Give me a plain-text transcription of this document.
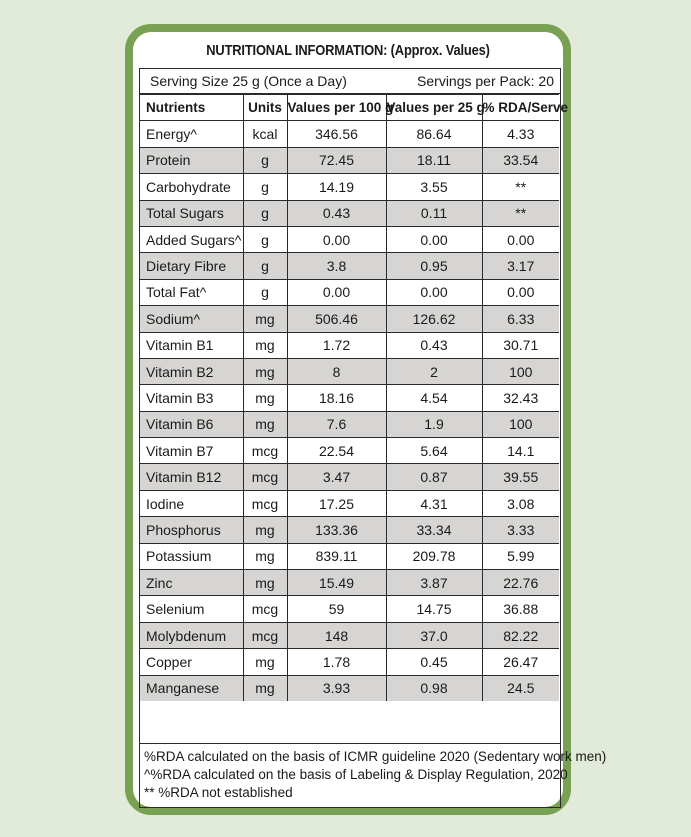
NUTRITIONAL INFORMATION: (Approx. Values)
Serving Size 25 g (Once a Day)	Servings per Pack: 20
Nutrients	Units	Values per 100 g	Values per 25 g	% RDA/Serve
Energy^	kcal	346.56	86.64	4.33
Protein	g	72.45	18.11	33.54
Carbohydrate	g	14.19	3.55	**
Total Sugars	g	0.43	0.11	**
Added Sugars^	g	0.00	0.00	0.00
Dietary Fibre	g	3.8	0.95	3.17
Total Fat^	g	0.00	0.00	0.00
Sodium^	mg	506.46	126.62	6.33
Vitamin B1	mg	1.72	0.43	30.71
Vitamin B2	mg	8	2	100
Vitamin B3	mg	18.16	4.54	32.43
Vitamin B6	mg	7.6	1.9	100
Vitamin B7	mcg	22.54	5.64	14.1
Vitamin B12	mcg	3.47	0.87	39.55
Iodine	mcg	17.25	4.31	3.08
Phosphorus	mg	133.36	33.34	3.33
Potassium	mg	839.11	209.78	5.99
Zinc	mg	15.49	3.87	22.76
Selenium	mcg	59	14.75	36.88
Molybdenum	mcg	148	37.0	82.22
Copper	mg	1.78	0.45	26.47
Manganese	mg	3.93	0.98	24.5
%RDA calculated on the basis of ICMR guideline 2020 (Sedentary work men)
^%RDA calculated on the basis of Labeling & Display Regulation, 2020
** %RDA not established
